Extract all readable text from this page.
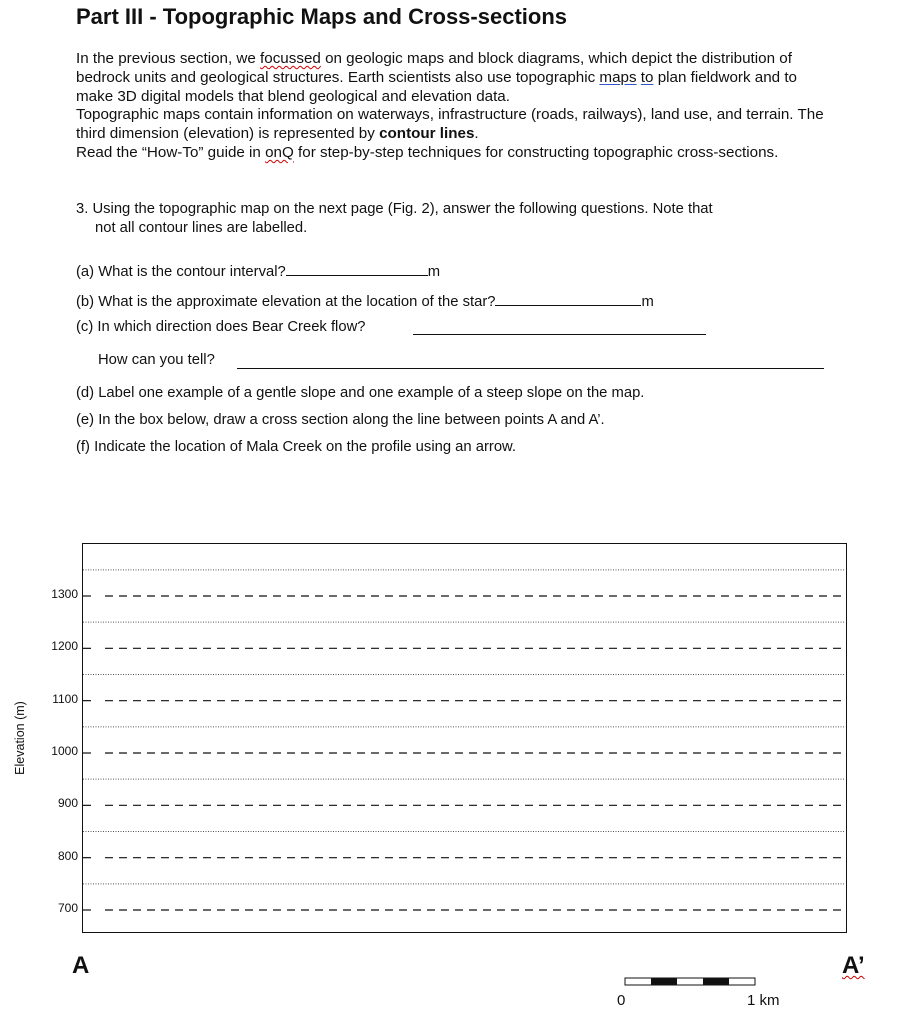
Part III - Topographic Maps and Cross-sections

In the previous section, we focussed on geologic maps and block diagrams, which depict the distribution of bedrock units and geological structures. Earth scientists also use topographic maps to plan fieldwork and to make 3D digital models that blend geological and elevation data.

Topographic maps contain information on waterways, infrastructure (roads, railways), land use, and terrain. The third dimension (elevation) is represented by contour lines.

Read the “How-To” guide in onQ for step-by-step techniques for constructing topographic cross-sections.

3. Using the topographic map on the next page (Fig. 2), answer the following questions. Note that
not all contour lines are labelled.
(a) What is the contour interval?	m
(b) What is the approximate elevation at the location of the star?	m
(c) In which direction does Bear Creek flow?
How can you tell?
(d) Label one example of a gentle slope and one example of a steep slope on the map.
(e) In the box below, draw a cross section along the line between points A and A’.
(f) Indicate the location of Mala Creek on the profile using an arrow.
Elevation (m)
1300
1200
1100
1000
900
800
700
A	A’
0	1 km
